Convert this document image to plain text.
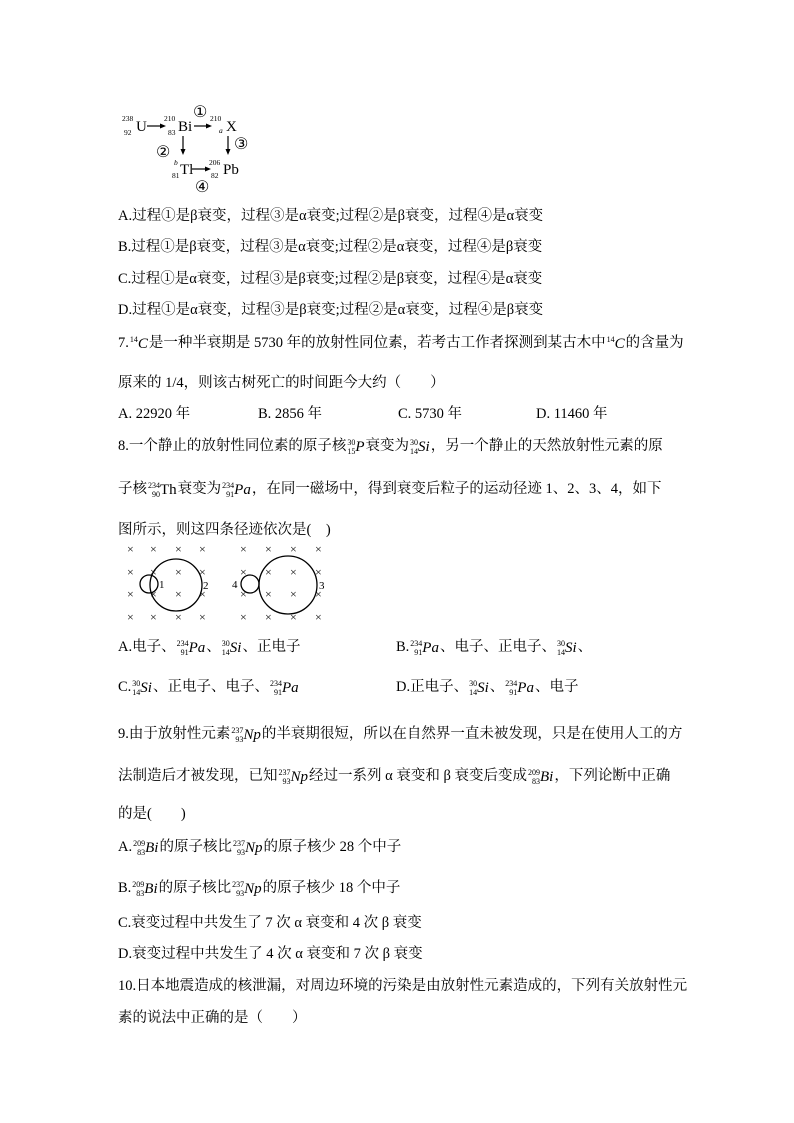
238
92
210
83
210
a
b
81
206
82
U Bi X
Tl Pb
①
②	③
④
A.过程①是β衰变，过程③是α衰变;过程②是β衰变，过程④是α衰变
B.过程①是β衰变，过程③是α衰变;过程②是α衰变，过程④是β衰变
C.过程①是α衰变，过程③是β衰变;过程②是β衰变，过程④是α衰变
D.过程①是α衰变，过程③是β衰变;过程②是α衰变，过程④是β衰变
7.14
C是一种半衰期是 5730 年的放射性同位素，若考古工作者探测到某古木中14
C的含量为
原来的 1/4，则该古树死亡的时间距今大约（　　）
A. 22920 年	B. 2856 年	C. 5730 年	D. 11460 年
8.一个静止的放射性同位素的原子核30
15P衰变为30
14Si，另一个静止的天然放射性元素的原
子核234
90Th衰变为234
91Pa，在同一磁场中，得到衰变后粒子的运动径迹 1、2、3、4，如下
图所示，则这四条径迹依次是(　)
×
×
×
×
×
×
×
×
×
×
×
×
×
×
×
×
×
×
×
×
×
×
×
×
×
×
×
×
×
×
×
×
1	2 4	3
A.电子、234
91Pa、30
14Si、正电子	B.234
91Pa、电子、正电子、30
14Si、
C.30
14Si、正电子、电子、234
91Pa	D.正电子、30
14Si、234
91Pa、电子
9.由于放射性元素237
93Np的半衰期很短，所以在自然界一直未被发现，只是在使用人工的方
法制造后才被发现，已知237
93Np经过一系列 α 衰变和 β 衰变后变成209
83Bi，下列论断中正确
的是(　　)
A.209
83Bi的原子核比237
93Np的原子核少 28 个中子
B.209
83Bi的原子核比237
93Np的原子核少 18 个中子
C.衰变过程中共发生了 7 次 α 衰变和 4 次 β 衰变
D.衰变过程中共发生了 4 次 α 衰变和 7 次 β 衰变
10.日本地震造成的核泄漏，对周边环境的污染是由放射性元素造成的，下列有关放射性元
素的说法中正确的是（　　）
